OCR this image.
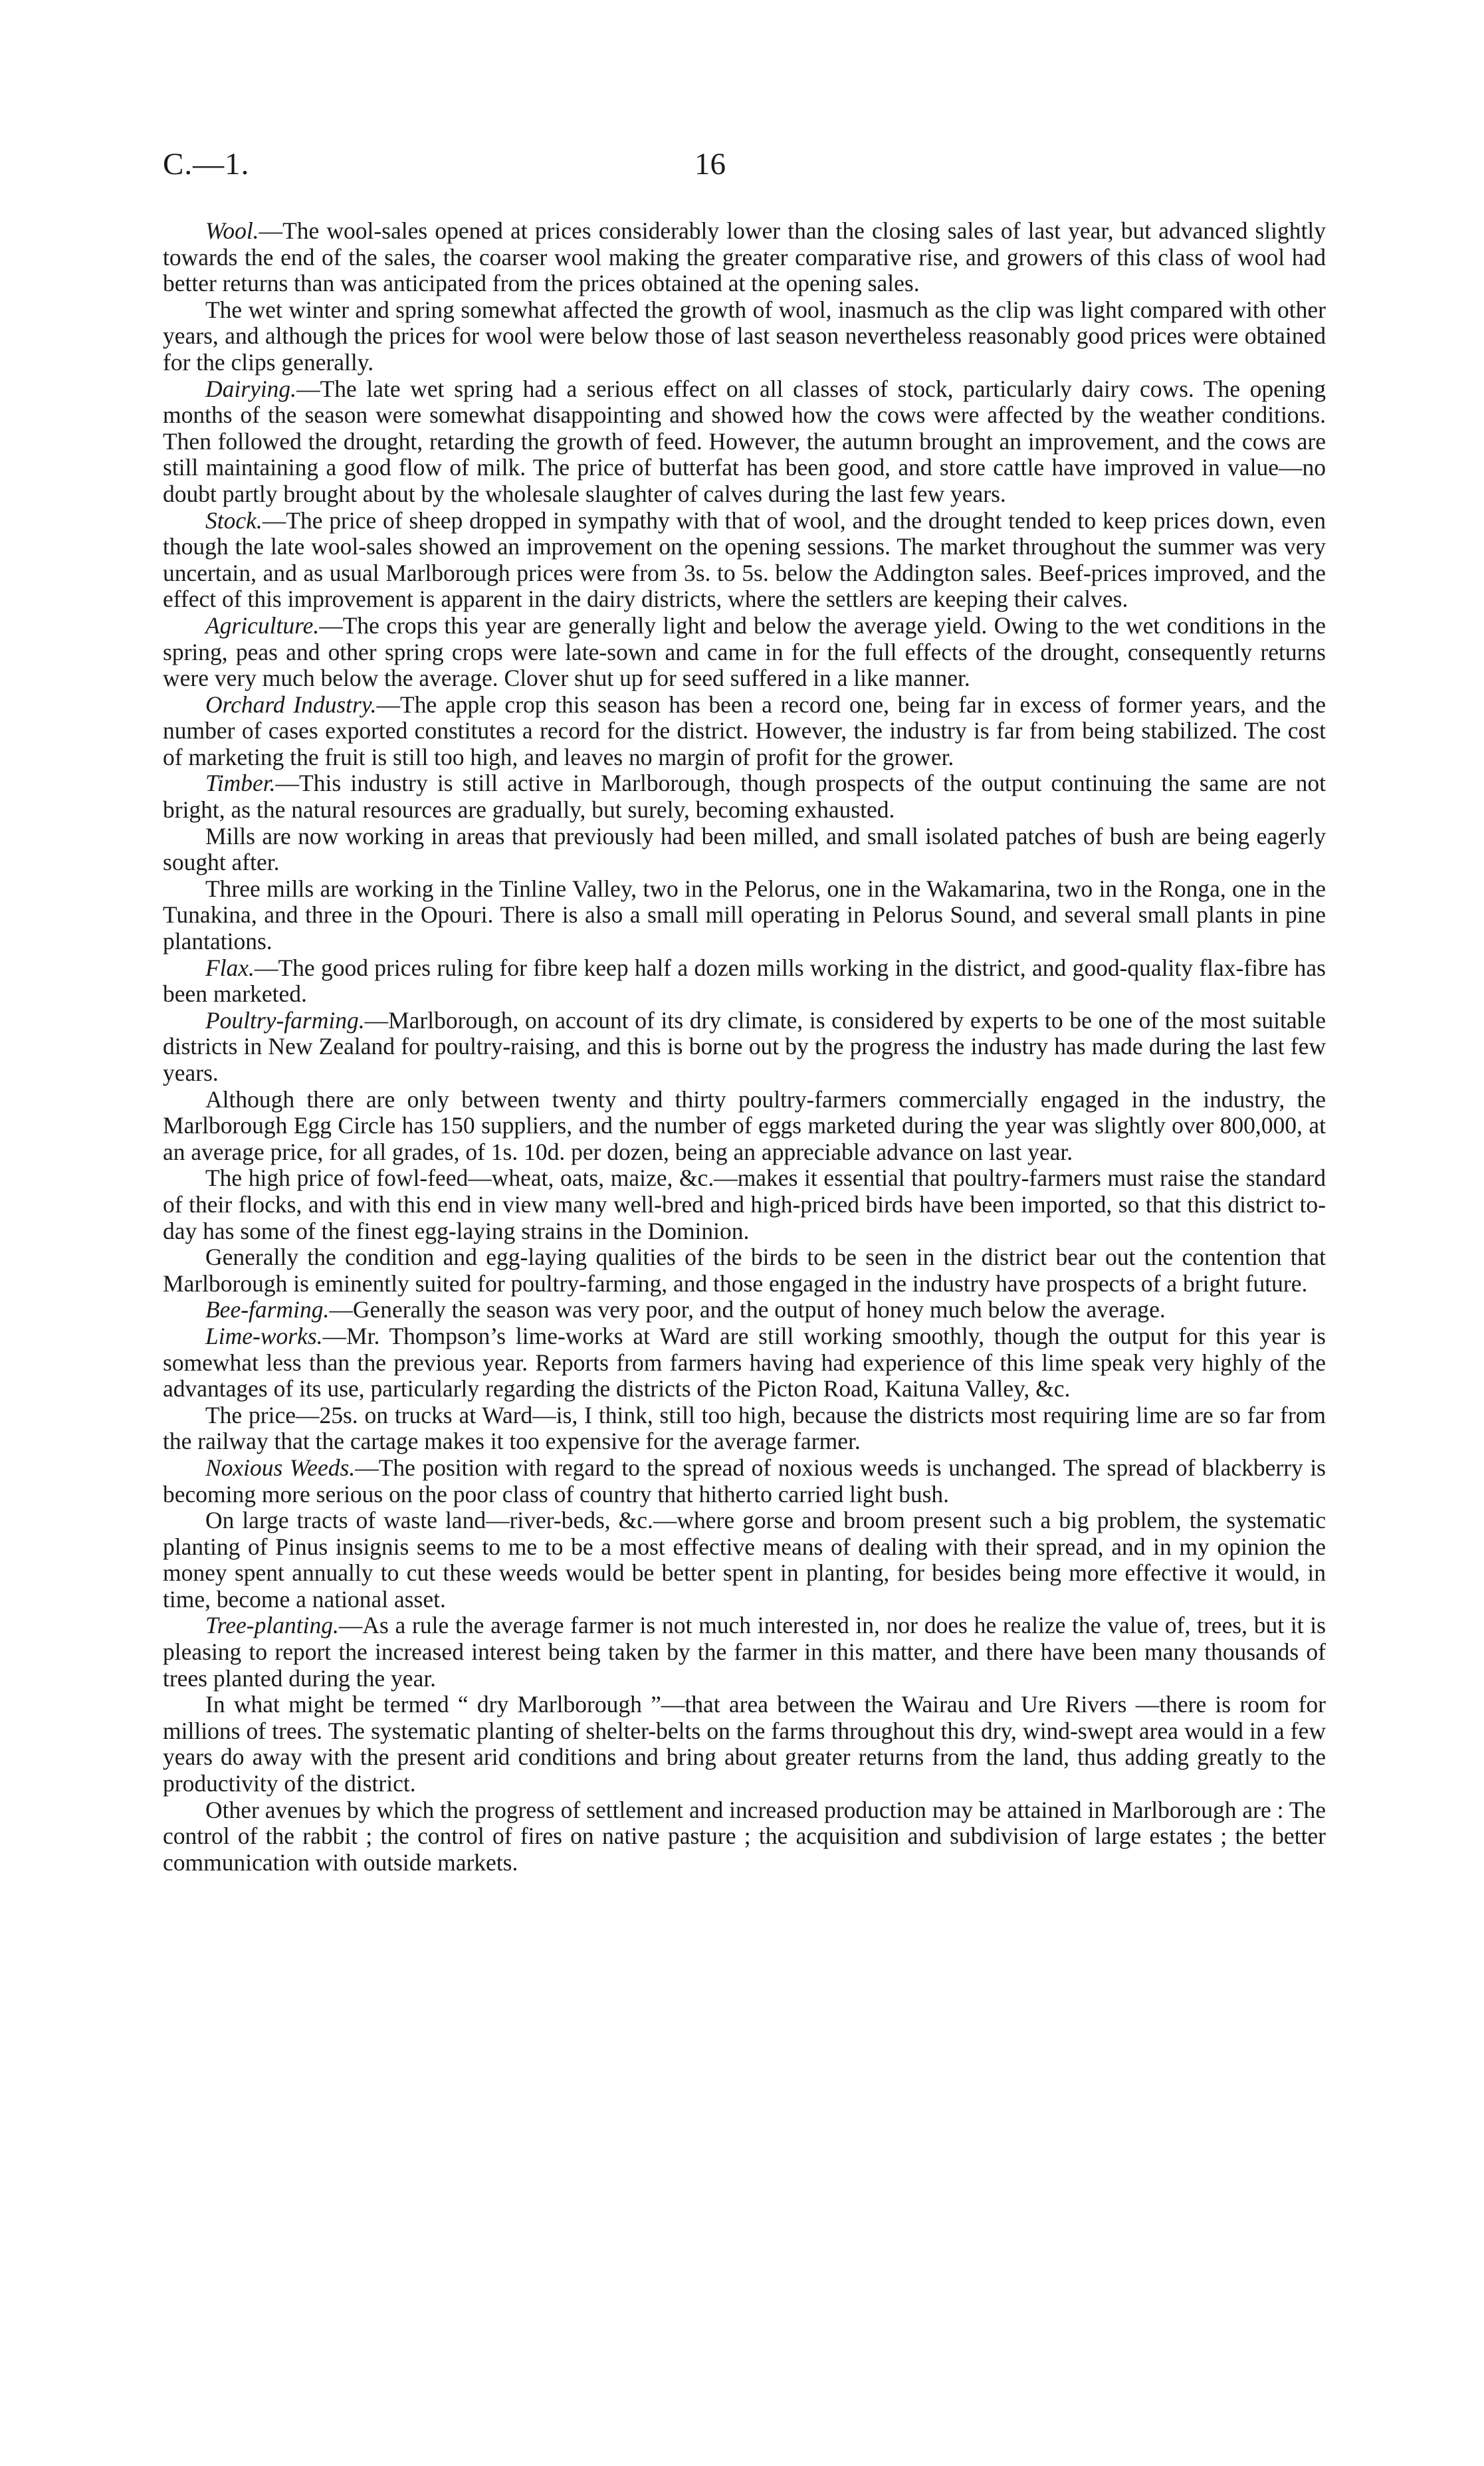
C.—1.	16

Wool.—The wool-sales opened at prices considerably lower than the closing sales of last year, but advanced slightly towards the end of the sales, the coarser wool making the greater comparative rise, and growers of this class of wool had better returns than was anticipated from the prices obtained at the opening sales.

The wet winter and spring somewhat affected the growth of wool, inasmuch as the clip was light compared with other years, and although the prices for wool were below those of last season nevertheless reasonably good prices were obtained for the clips generally.

Dairying.—The late wet spring had a serious effect on all classes of stock, particularly dairy cows. The opening months of the season were somewhat disappointing and showed how the cows were affected by the weather conditions. Then followed the drought, retarding the growth of feed. However, the autumn brought an improvement, and the cows are still maintaining a good flow of milk. The price of butterfat has been good, and store cattle have improved in value—no doubt partly brought about by the wholesale slaughter of calves during the last few years.

Stock.—The price of sheep dropped in sympathy with that of wool, and the drought tended to keep prices down, even though the late wool-sales showed an improvement on the opening sessions. The market throughout the summer was very uncertain, and as usual Marlborough prices were from 3s. to 5s. below the Addington sales. Beef-prices improved, and the effect of this improvement is apparent in the dairy districts, where the settlers are keeping their calves.

Agriculture.—The crops this year are generally light and below the average yield. Owing to the wet conditions in the spring, peas and other spring crops were late-sown and came in for the full effects of the drought, consequently returns were very much below the average. Clover shut up for seed suffered in a like manner.

Orchard Industry.—The apple crop this season has been a record one, being far in excess of former years, and the number of cases exported constitutes a record for the district. However, the industry is far from being stabilized. The cost of marketing the fruit is still too high, and leaves no margin of profit for the grower.

Timber.—This industry is still active in Marlborough, though prospects of the output continuing the same are not bright, as the natural resources are gradually, but surely, becoming exhausted.

Mills are now working in areas that previously had been milled, and small isolated patches of bush are being eagerly sought after.

Three mills are working in the Tinline Valley, two in the Pelorus, one in the Wakamarina, two in the Ronga, one in the Tunakina, and three in the Opouri. There is also a small mill operating in Pelorus Sound, and several small plants in pine plantations.

Flax.—The good prices ruling for fibre keep half a dozen mills working in the district, and good-quality flax-fibre has been marketed.

Poultry-farming.—Marlborough, on account of its dry climate, is considered by experts to be one of the most suitable districts in New Zealand for poultry-raising, and this is borne out by the progress the industry has made during the last few years.

Although there are only between twenty and thirty poultry-farmers commercially engaged in the industry, the Marlborough Egg Circle has 150 suppliers, and the number of eggs marketed during the year was slightly over 800,000, at an average price, for all grades, of 1s. 10d. per dozen, being an appreciable advance on last year.

The high price of fowl-feed—wheat, oats, maize, &c.—makes it essential that poultry-farmers must raise the standard of their flocks, and with this end in view many well-bred and high-priced birds have been imported, so that this district to-day has some of the finest egg-laying strains in the Dominion.

Generally the condition and egg-laying qualities of the birds to be seen in the district bear out the contention that Marlborough is eminently suited for poultry-farming, and those engaged in the industry have prospects of a bright future.

Bee-farming.—Generally the season was very poor, and the output of honey much below the average.

Lime-works.—Mr. Thompson’s lime-works at Ward are still working smoothly, though the output for this year is somewhat less than the previous year. Reports from farmers having had experience of this lime speak very highly of the advantages of its use, particularly regarding the districts of the Picton Road, Kaituna Valley, &c.

The price—25s. on trucks at Ward—is, I think, still too high, because the districts most requiring lime are so far from the railway that the cartage makes it too expensive for the average farmer.

Noxious Weeds.—The position with regard to the spread of noxious weeds is unchanged. The spread of blackberry is becoming more serious on the poor class of country that hitherto carried light bush.

On large tracts of waste land—river-beds, &c.—where gorse and broom present such a big problem, the systematic planting of Pinus insignis seems to me to be a most effective means of dealing with their spread, and in my opinion the money spent annually to cut these weeds would be better spent in planting, for besides being more effective it would, in time, become a national asset.

Tree-planting.—As a rule the average farmer is not much interested in, nor does he realize the value of, trees, but it is pleasing to report the increased interest being taken by the farmer in this matter, and there have been many thousands of trees planted during the year.

In what might be termed “ dry Marlborough ”—that area between the Wairau and Ure Rivers —there is room for millions of trees. The systematic planting of shelter-belts on the farms throughout this dry, wind-swept area would in a few years do away with the present arid conditions and bring about greater returns from the land, thus adding greatly to the productivity of the district.

Other avenues by which the progress of settlement and increased production may be attained in Marlborough are : The control of the rabbit ; the control of fires on native pasture ; the acquisition and subdivision of large estates ; the better communication with outside markets.
